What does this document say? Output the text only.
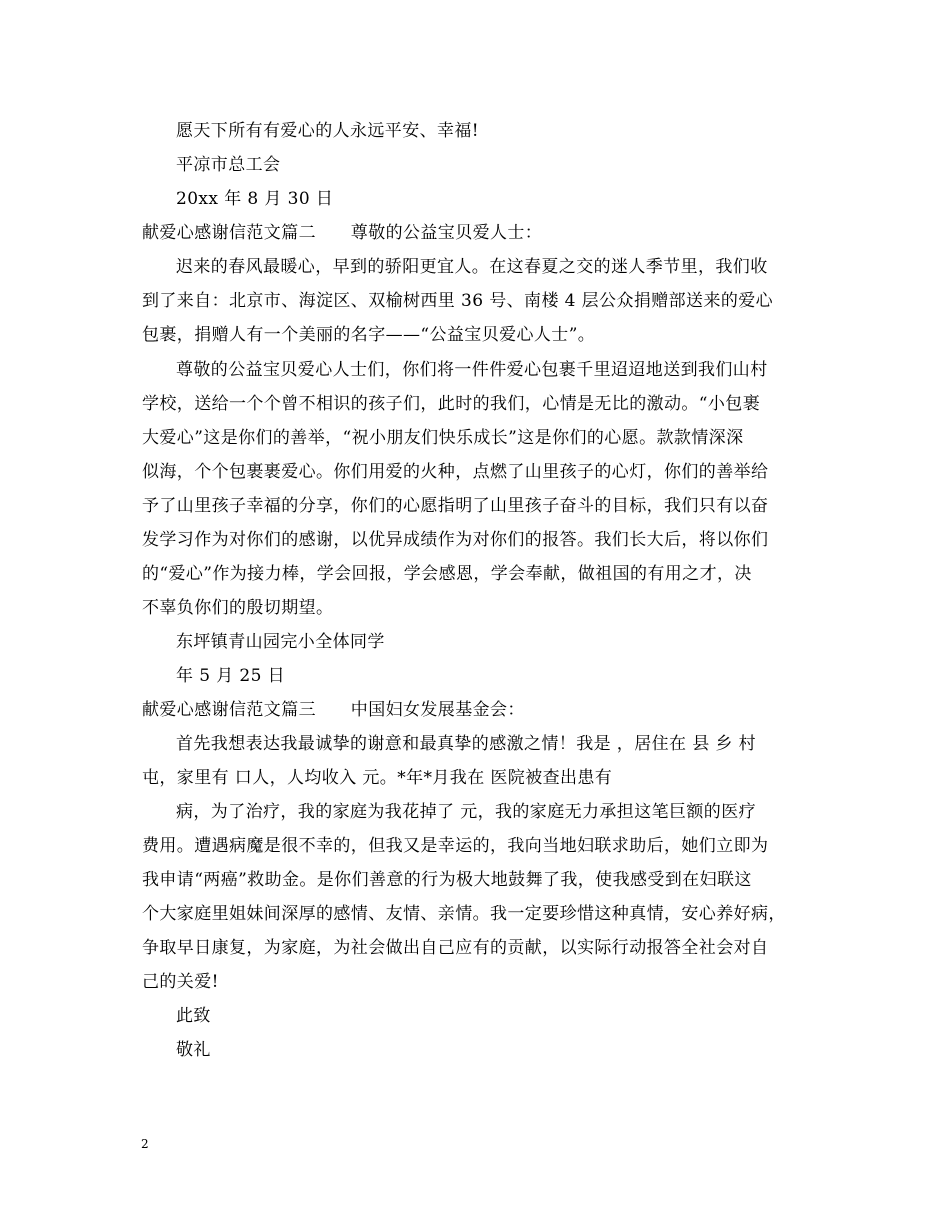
愿天下所有有爱心的人永远平安、幸福!
平凉市总工会
20xx 年 8 月 30 日
献爱心感谢信范文篇二　　尊敬的公益宝贝爱人士：
迟来的春风最暖心，早到的骄阳更宜人。在这春夏之交的迷人季节里，我们收
到了来自：北京市、海淀区、双榆树西里 36 号、南楼 4 层公众捐赠部送来的爱心
包裹，捐赠人有一个美丽的名字——“公益宝贝爱心人士”。
尊敬的公益宝贝爱心人士们，你们将一件件爱心包裹千里迢迢地送到我们山村
学校，送给一个个曾不相识的孩子们，此时的我们，心情是无比的激动。“小包裹
大爱心”这是你们的善举，“祝小朋友们快乐成长”这是你们的心愿。款款情深深
似海，个个包裹裹爱心。你们用爱的火种，点燃了山里孩子的心灯，你们的善举给
予了山里孩子幸福的分享，你们的心愿指明了山里孩子奋斗的目标，我们只有以奋
发学习作为对你们的感谢，以优异成绩作为对你们的报答。我们长大后，将以你们
的“爱心”作为接力棒，学会回报，学会感恩，学会奉献，做祖国的有用之才，决
不辜负你们的殷切期望。
东坪镇青山园完小全体同学
年 5 月 25 日
献爱心感谢信范文篇三　　中国妇女发展基金会：
首先我想表达我最诚挚的谢意和最真挚的感激之情！我是 ，居住在 县 乡 村
屯，家里有 口人，人均收入 元。*年*月我在 医院被查出患有
病，为了治疗，我的家庭为我花掉了 元，我的家庭无力承担这笔巨额的医疗
费用。遭遇病魔是很不幸的，但我又是幸运的，我向当地妇联求助后，她们立即为
我申请“两癌”救助金。是你们善意的行为极大地鼓舞了我，使我感受到在妇联这
个大家庭里姐妹间深厚的感情、友情、亲情。我一定要珍惜这种真情，安心养好病，
争取早日康复，为家庭，为社会做出自己应有的贡献，以实际行动报答全社会对自
己的关爱!
此致
敬礼
2
